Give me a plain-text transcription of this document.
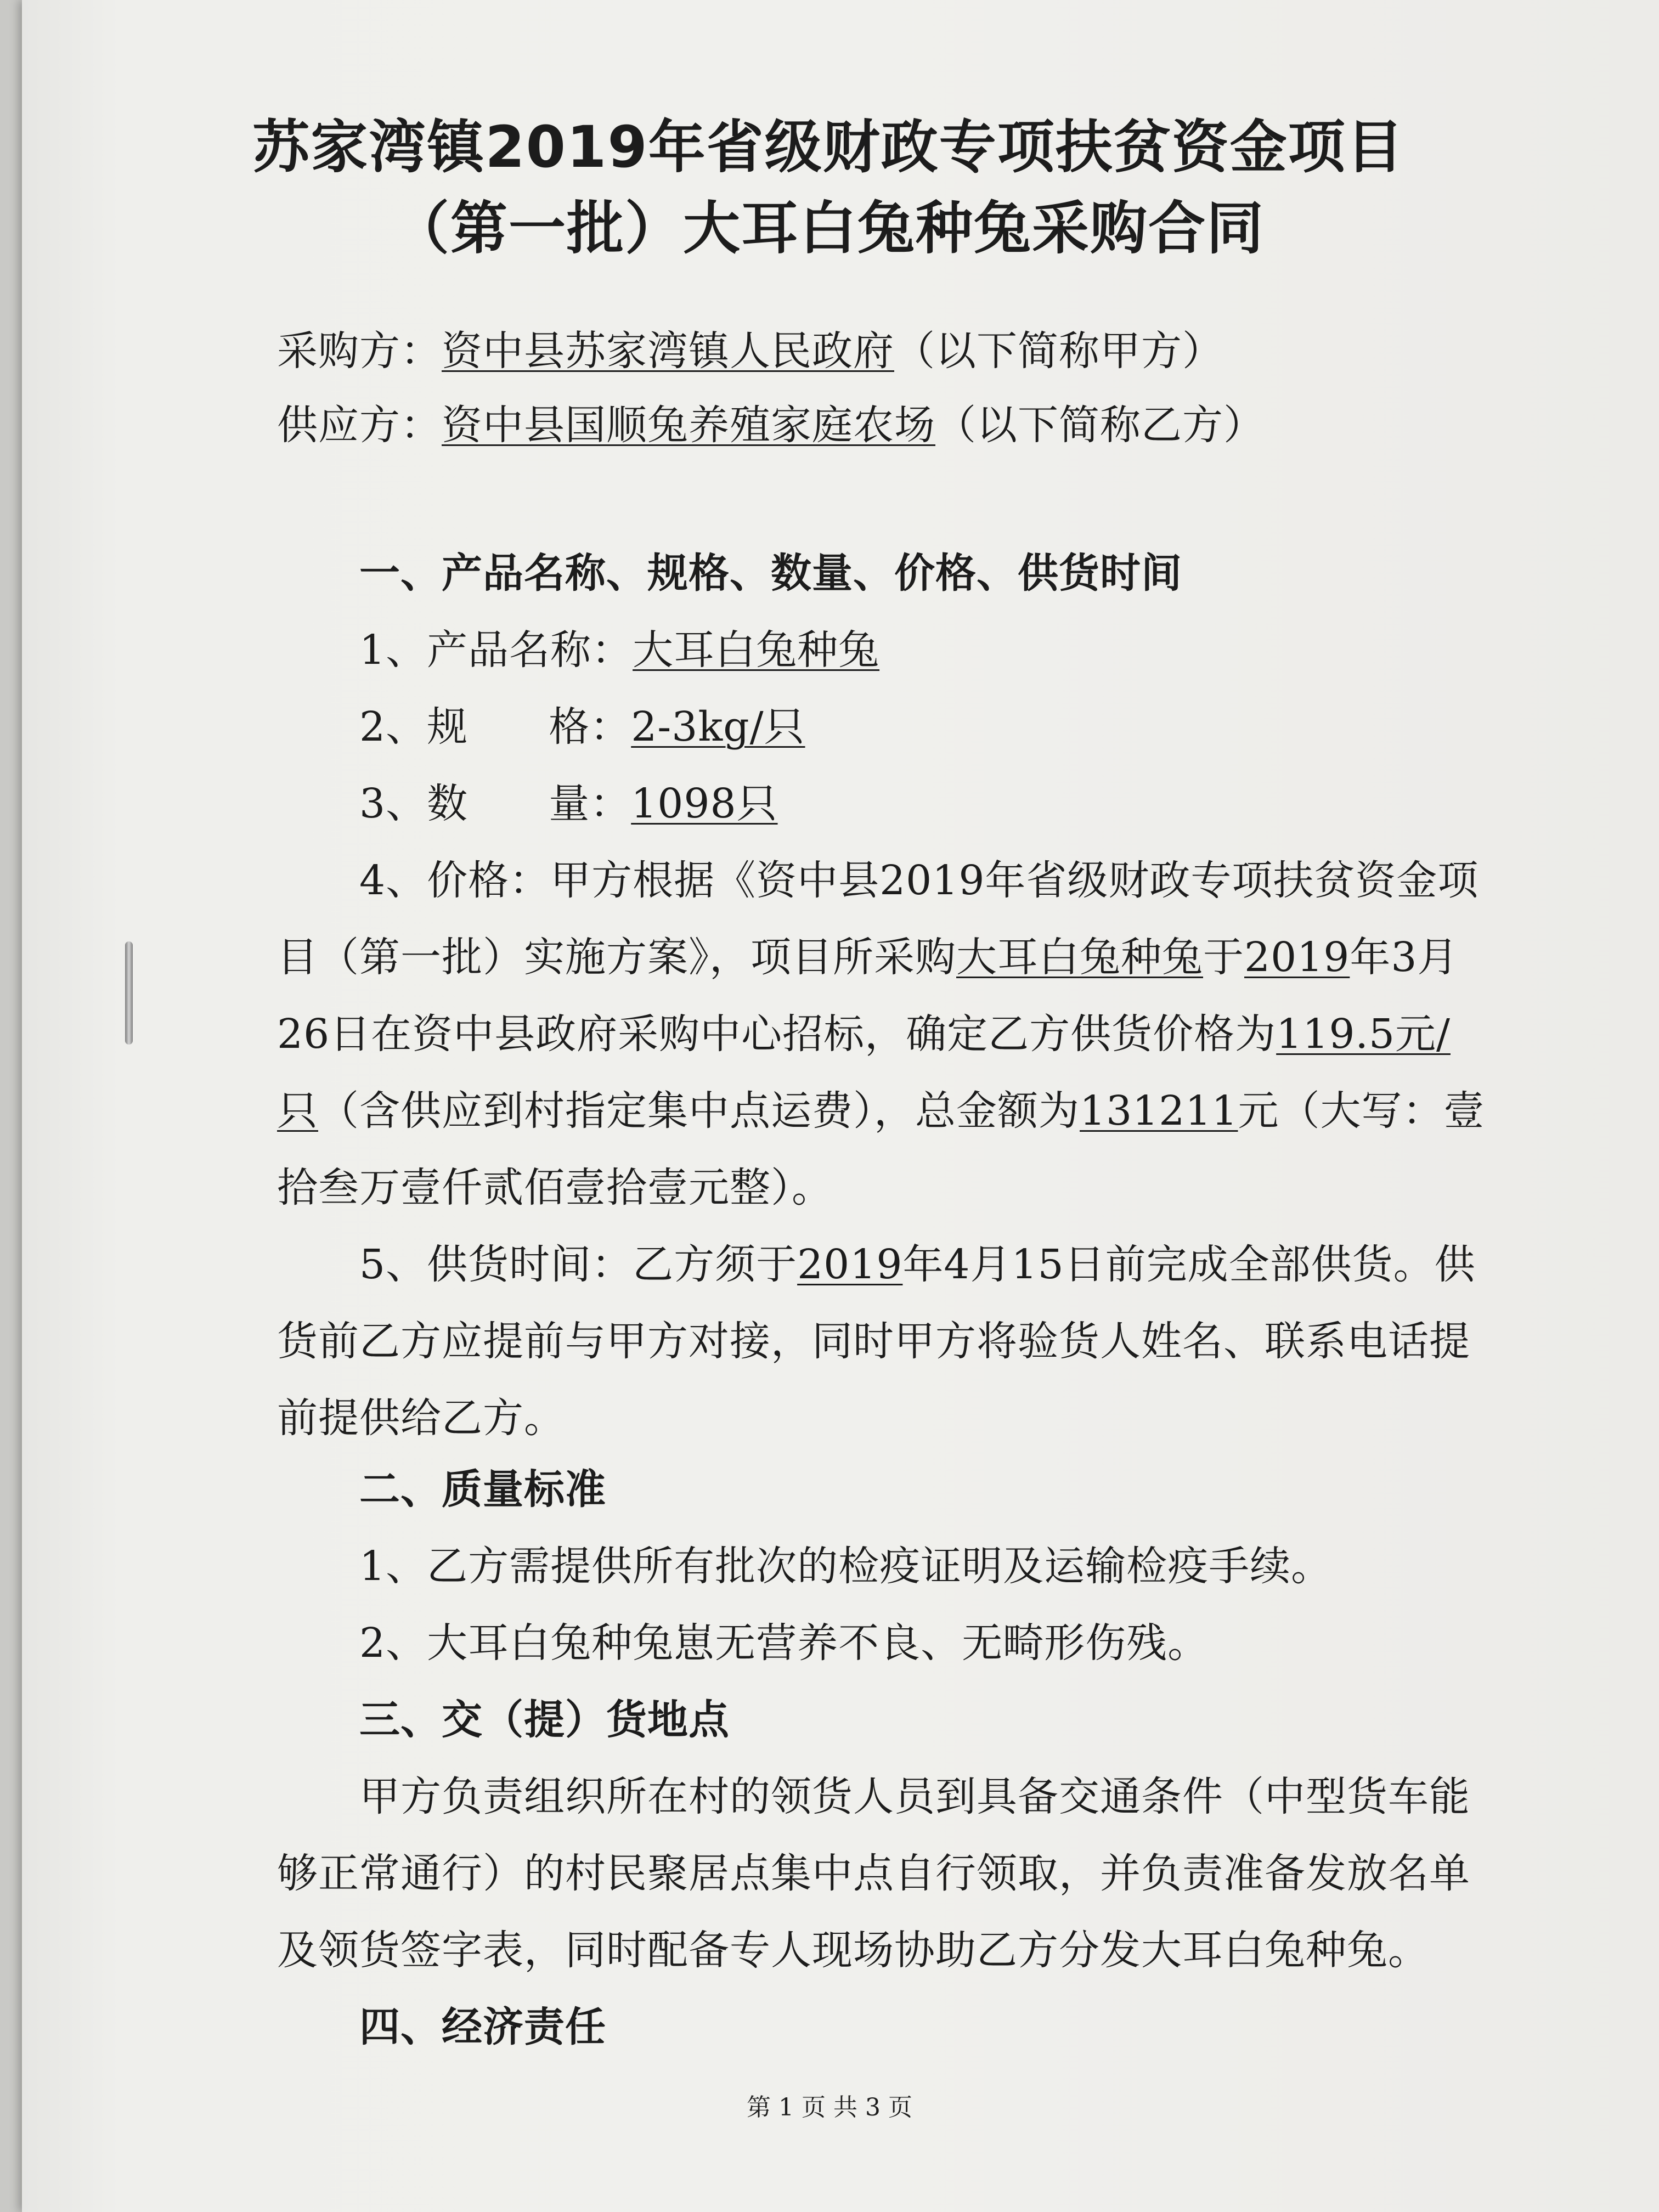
苏家湾镇2019年省级财政专项扶贫资金项目
（第一批）大耳白兔种兔采购合同
采购方：资中县苏家湾镇人民政府（以下简称甲方）
供应方：资中县国顺兔养殖家庭农场（以下简称乙方）
一、产品名称、规格、数量、价格、供货时间
1、产品名称：大耳白兔种兔
2、规      格：2-3kg/只
3、数      量：1098只
4、价格：甲方根据《资中县2019年省级财政专项扶贫资金项
目（第一批）实施方案》，项目所采购大耳白兔种兔于2019年3月
26日在资中县政府采购中心招标，确定乙方供货价格为119.5元/
只（含供应到村指定集中点运费），总金额为131211元（大写：壹
拾叁万壹仟贰佰壹拾壹元整）。
5、供货时间：乙方须于2019年4月15日前完成全部供货。供
货前乙方应提前与甲方对接，同时甲方将验货人姓名、联系电话提
前提供给乙方。
二、质量标准
1、乙方需提供所有批次的检疫证明及运输检疫手续。
2、大耳白兔种兔崽无营养不良、无畸形伤残。
三、交（提）货地点
甲方负责组织所在村的领货人员到具备交通条件（中型货车能
够正常通行）的村民聚居点集中点自行领取，并负责准备发放名单
及领货签字表，同时配备专人现场协助乙方分发大耳白兔种兔。
四、经济责任
第 1 页 共 3 页
